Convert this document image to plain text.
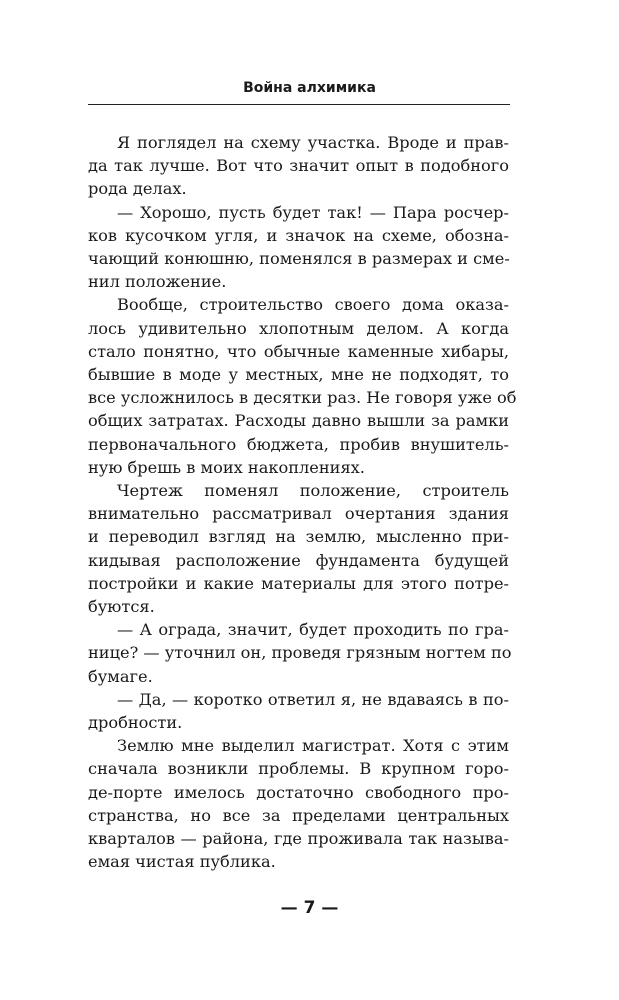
Война алхимика
Я поглядел на схему участка. Вроде и прав-
да так лучше. Вот что значит опыт в подобного
рода делах.
— Хорошо, пусть будет так! — Пара росчер-
ков кусочком угля, и значок на схеме, обозна-
чающий конюшню, поменялся в размерах и сме-
нил положение.
Вообще, строительство своего дома оказа-
лось удивительно хлопотным делом. А когда
стало понятно, что обычные каменные хибары,
бывшие в моде у местных, мне не подходят, то
все усложнилось в десятки раз. Не говоря уже об
общих затратах. Расходы давно вышли за рамки
первоначального бюджета, пробив внушитель-
ную брешь в моих накоплениях.
Чертеж поменял положение, строитель
внимательно рассматривал очертания здания
и переводил взгляд на землю, мысленно при-
кидывая расположение фундамента будущей
постройки и какие материалы для этого потре-
буются.
— А ограда, значит, будет проходить по гра-
нице? — уточнил он, проведя грязным ногтем по
бумаге.
— Да, — коротко ответил я, не вдаваясь в по-
дробности.
Землю мне выделил магистрат. Хотя с этим
сначала возникли проблемы. В крупном горо-
де-порте имелось достаточно свободного про-
странства, но все за пределами центральных
кварталов — района, где проживала так называ-
емая чистая публика.
— 7 —
